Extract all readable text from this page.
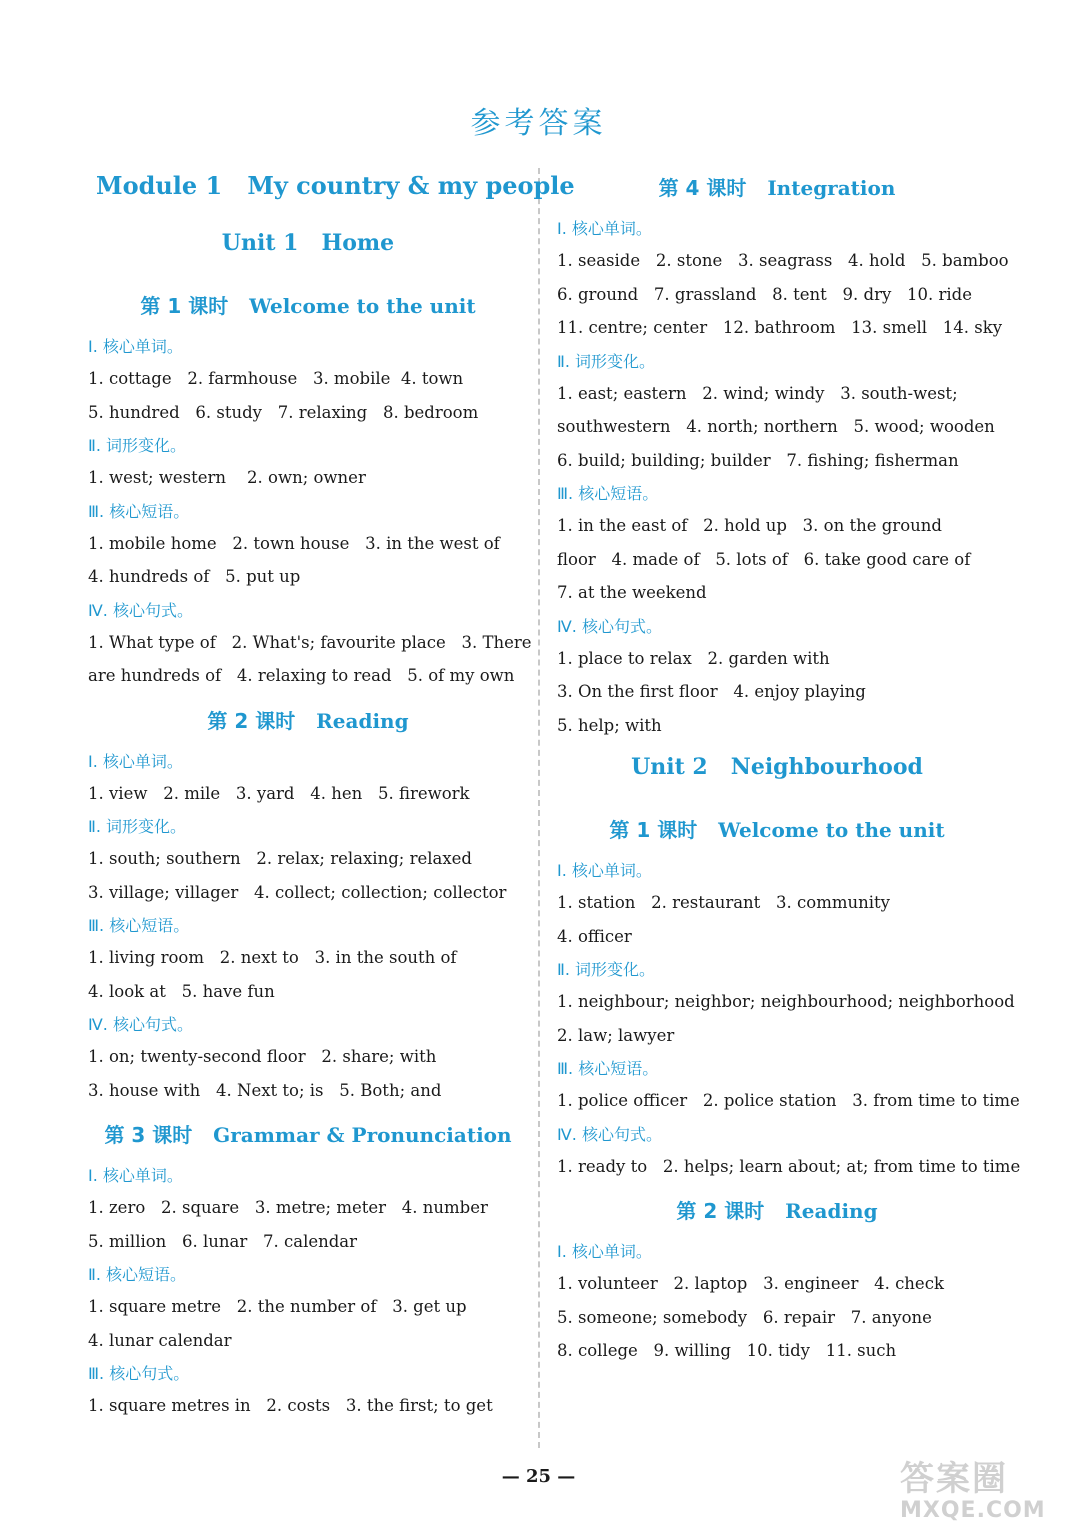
参考答案
Module 1   My country & my people
Unit 1   Home
第 1 课时 Welcome to the unit
Ⅰ. 核心单词。
1. cottage   2. farmhouse   3. mobile  4. town
5. hundred   6. study   7. relaxing   8. bedroom
Ⅱ. 词形变化。
1. west; western    2. own; owner
Ⅲ. 核心短语。
1. mobile home   2. town house   3. in the west of
4. hundreds of   5. put up
Ⅳ. 核心句式。
1. What type of   2. What's; favourite place   3. There
are hundreds of   4. relaxing to read   5. of my own
第 2 课时 Reading
Ⅰ. 核心单词。
1. view   2. mile   3. yard   4. hen   5. firework
Ⅱ. 词形变化。
1. south; southern   2. relax; relaxing; relaxed
3. village; villager   4. collect; collection; collector
Ⅲ. 核心短语。
1. living room   2. next to   3. in the south of
4. look at   5. have fun
Ⅳ. 核心句式。
1. on; twenty-second floor   2. share; with
3. house with   4. Next to; is   5. Both; and
第 3 课时 Grammar & Pronunciation
Ⅰ. 核心单词。
1. zero   2. square   3. metre; meter   4. number
5. million   6. lunar   7. calendar
Ⅱ. 核心短语。
1. square metre   2. the number of   3. get up
4. lunar calendar
Ⅲ. 核心句式。
1. square metres in   2. costs   3. the first; to get
第 4 课时 Integration
Ⅰ. 核心单词。
1. seaside   2. stone   3. seagrass   4. hold   5. bamboo
6. ground   7. grassland   8. tent   9. dry   10. ride
11. centre; center   12. bathroom   13. smell   14. sky
Ⅱ. 词形变化。
1. east; eastern   2. wind; windy   3. south-west;
southwestern   4. north; northern   5. wood; wooden
6. build; building; builder   7. fishing; fisherman
Ⅲ. 核心短语。
1. in the east of   2. hold up   3. on the ground
floor   4. made of   5. lots of   6. take good care of
7. at the weekend
Ⅳ. 核心句式。
1. place to relax   2. garden with
3. On the first floor   4. enjoy playing
5. help; with
Unit 2   Neighbourhood
第 1 课时 Welcome to the unit
Ⅰ. 核心单词。
1. station   2. restaurant   3. community
4. officer
Ⅱ. 词形变化。
1. neighbour; neighbor; neighbourhood; neighborhood
2. law; lawyer
Ⅲ. 核心短语。
1. police officer   2. police station   3. from time to time
Ⅳ. 核心句式。
1. ready to   2. helps; learn about; at; from time to time
第 2 课时 Reading
Ⅰ. 核心单词。
1. volunteer   2. laptop   3. engineer   4. check
5. someone; somebody   6. repair   7. anyone
8. college   9. willing   10. tidy   11. such
— 25 —	答案圈
MXQE.COM
